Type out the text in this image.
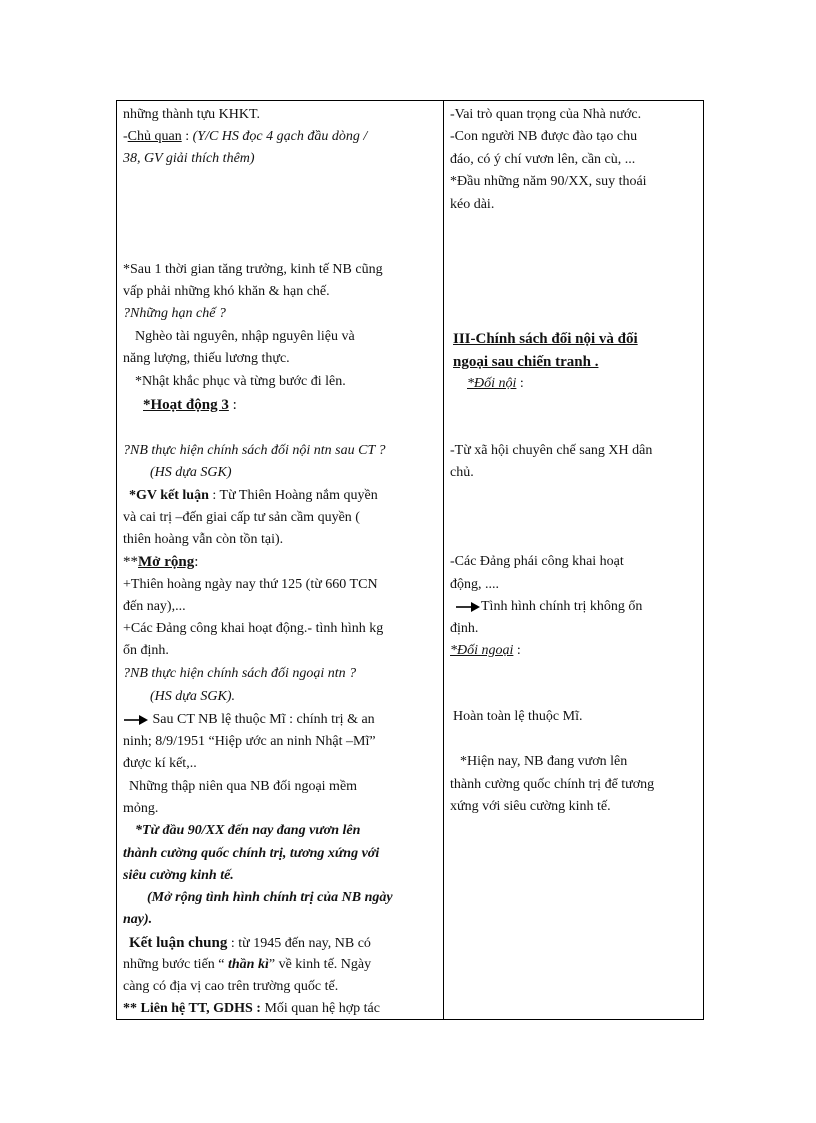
những thành tựu KHKT.
-Chủ quan : (Y/C HS đọc 4 gạch đầu dòng /
38, GV giải thích thêm)
*Sau 1 thời gian tăng trưởng, kinh tế NB cũng
vấp phải những khó khăn & hạn chế.
?Những hạn chế ?
Nghèo tài nguyên, nhập nguyên liệu và
năng lượng, thiếu lương thực.
*Nhật khắc phục và từng bước đi lên.
*Hoạt động 3 :
?NB thực hiện chính sách đối nội ntn sau CT ?
(HS dựa SGK)
*GV kết luận : Từ Thiên Hoàng nắm quyền
và cai trị –đến giai cấp tư sản cầm quyền (
thiên hoàng vẫn còn tồn tại).
**Mở rộng:
+Thiên hoàng ngày nay thứ 125 (từ 660 TCN
đến nay),...
+Các Đảng công khai hoạt động.- tình hình kg
ổn định.
?NB thực hiện chính sách đối ngoại ntn ?
(HS dựa SGK).
Sau CT NB lệ thuộc Mĩ : chính trị & an
ninh; 8/9/1951 “Hiệp ước an ninh Nhật –Mĩ”
được kí kết,..
Những thập niên qua NB đối ngoại mềm
mỏng.
*Từ đầu 90/XX đến nay đang vươn lên
thành cường quốc chính trị, tương xứng với
siêu cường kinh tế.
(Mở rộng tình hình chính trị của NB ngày
nay).
Kết luận chung : từ 1945 đến nay, NB có
những bước tiến “ thần kì” về kinh tế. Ngày
càng có địa vị cao trên trường quốc tế.
** Liên hệ TT, GDHS : Mối quan hệ hợp tác
-Vai trò quan trọng của Nhà nước.
-Con người NB được đào tạo chu
đáo, có ý chí vươn lên, cần cù, ...
*Đầu những năm 90/XX, suy thoái
kéo dài.
III-Chính sách đối nội và đối
ngoại sau chiến tranh .
*Đối nội :
-Từ xã hội chuyên chế sang XH dân
chủ.
-Các Đảng phái công khai hoạt
động, ....
Tình hình chính trị không ổn
định.
*Đối ngoại :
Hoàn toàn lệ thuộc Mĩ.
*Hiện nay, NB đang vươn lên
thành cường quốc chính trị để tương
xứng với siêu cường kinh tế.
